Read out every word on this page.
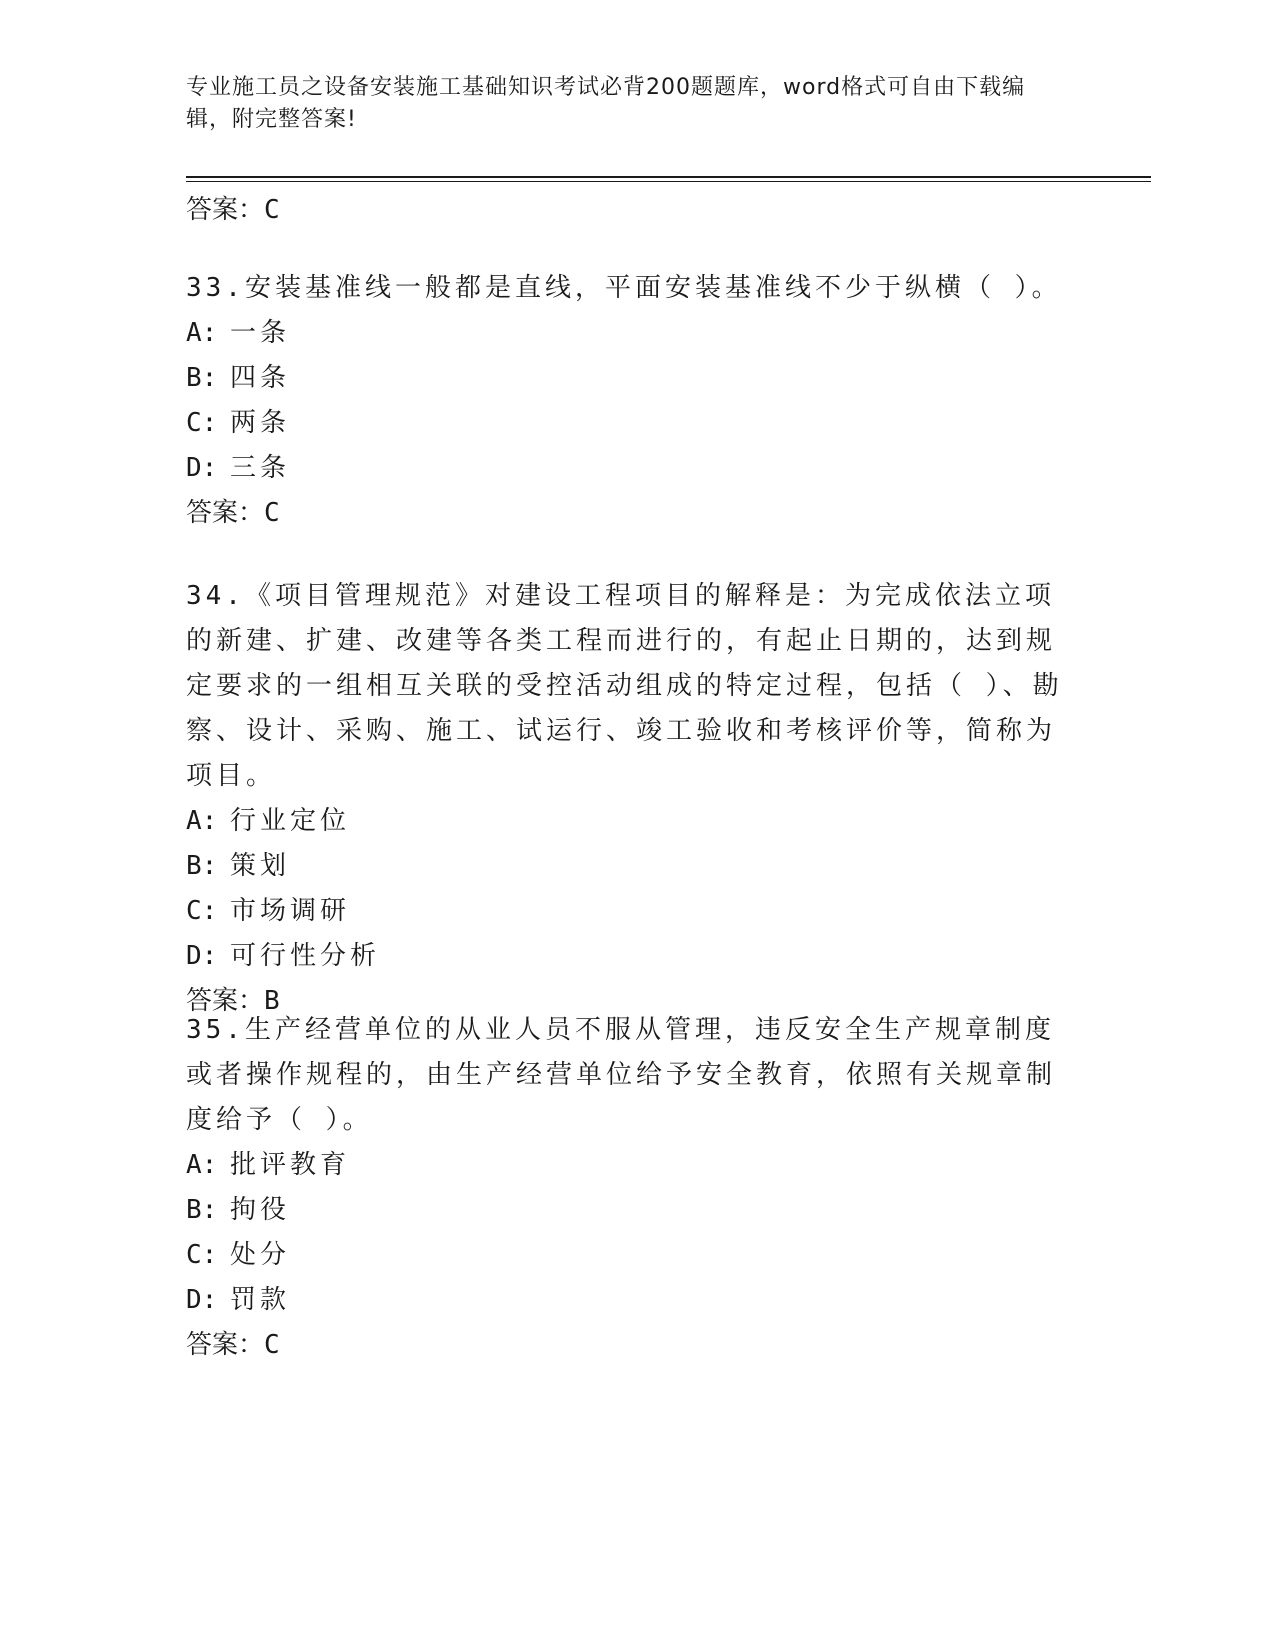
专业施工员之设备安装施工基础知识考试必背200题题库，word格式可自由下载编辑，附完整答案!
答案：C

33.安装基准线一般都是直线，平面安装基准线不少于纵横（ ）。

A: 一条
B: 四条
C: 两条
D: 三条
答案：C

34.《项目管理规范》对建设工程项目的解释是：为完成依法立项的新建、扩建、改建等各类工程而进行的，有起止日期的，达到规定要求的一组相互关联的受控活动组成的特定过程，包括（ ）、勘察、设计、采购、施工、试运行、竣工验收和考核评价等，简称为项目。

A: 行业定位
B: 策划
C: 市场调研
D: 可行性分析
答案：B

35.生产经营单位的从业人员不服从管理，违反安全生产规章制度或者操作规程的，由生产经营单位给予安全教育，依照有关规章制度给予（ ）。

A: 批评教育
B: 拘役
C: 处分
D: 罚款
答案：C
